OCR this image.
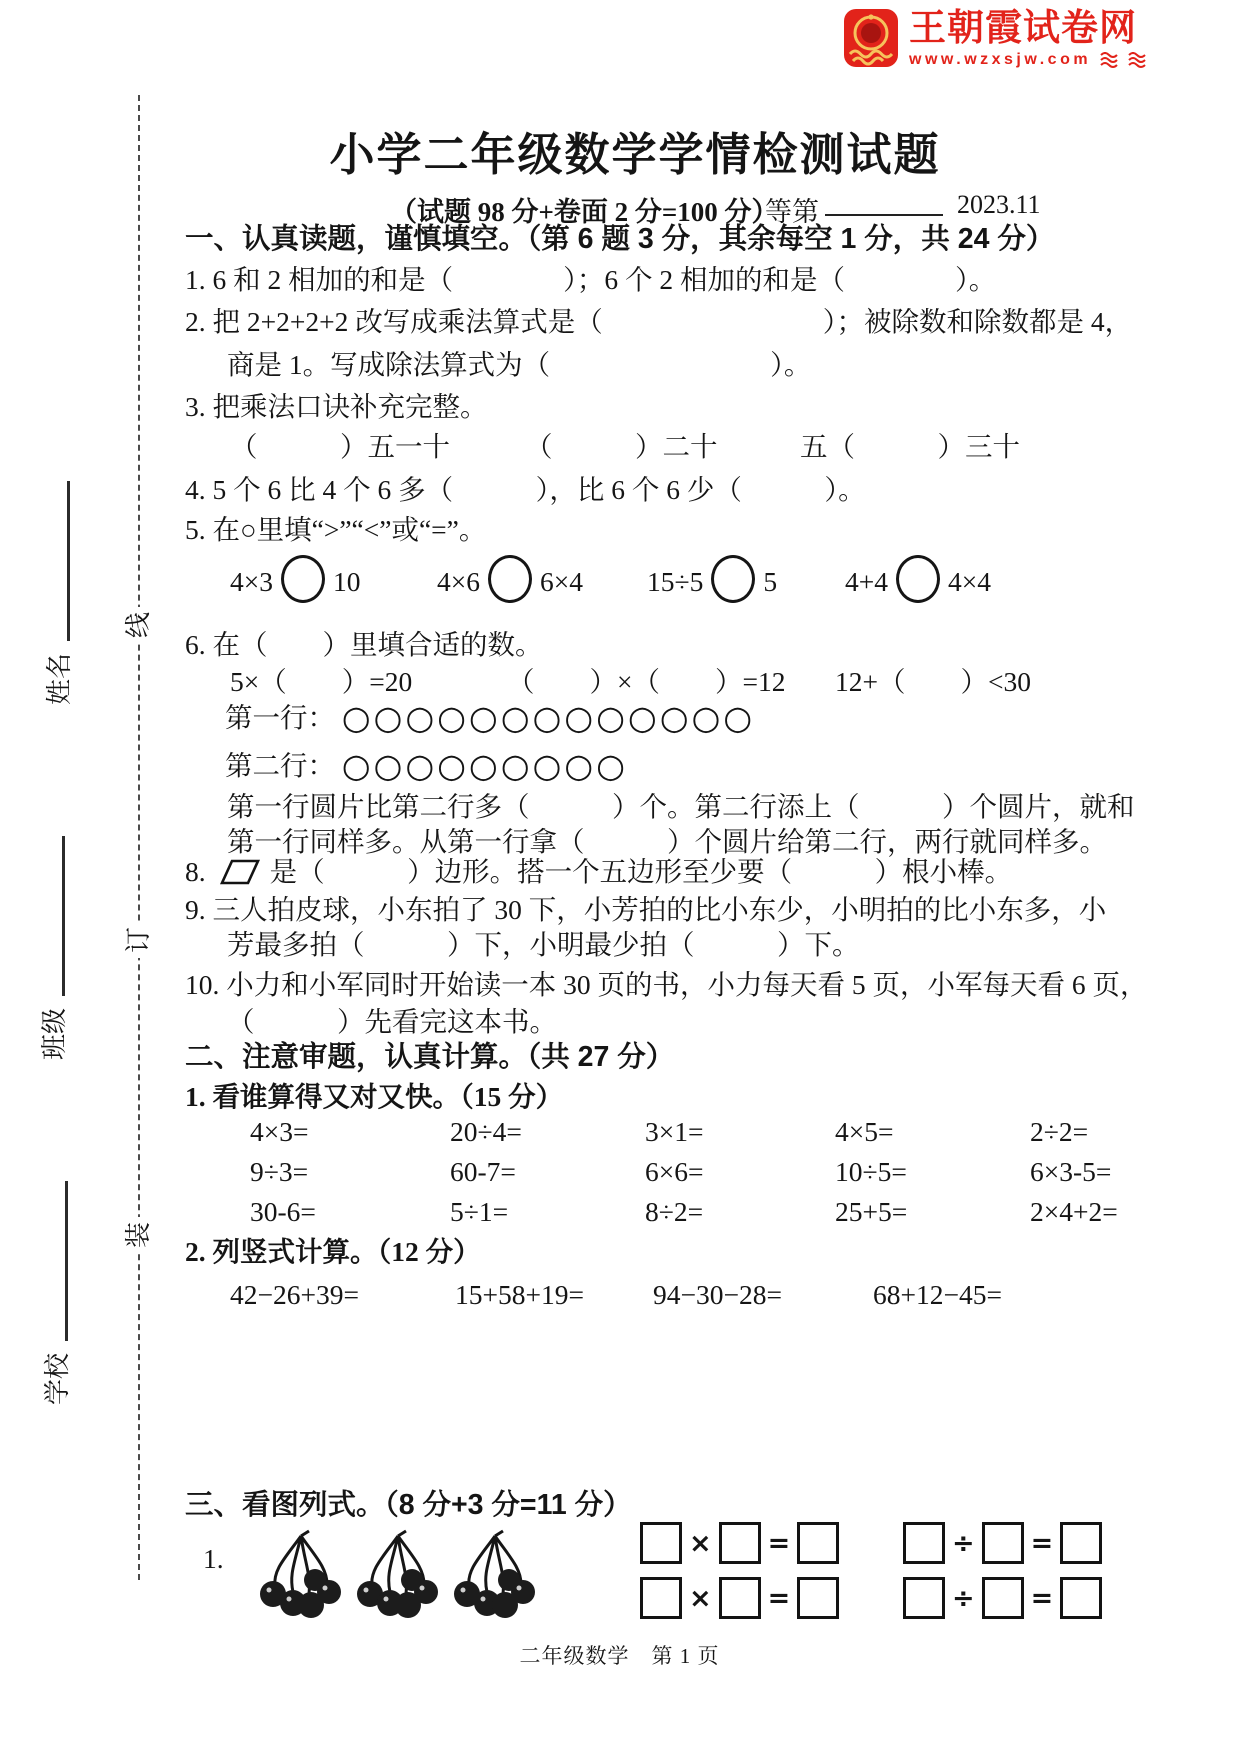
线
订
装
姓名
班级
学校
王朝霞试卷网
www.wzxsjw.com
小学二年级数学学情检测试题
（试题 98 分+卷面 2 分=100 分）
等第	2023.11
一、认真读题，谨慎填空。（第 6 题 3 分，其余每空 1 分，共 24 分）
1. 6 和 2 相加的和是（　　　　）；6 个 2 相加的和是（　　　　）。
2. 把 2+2+2+2 改写成乘法算式是（　　　　　　　　）；被除数和除数都是 4，
商是 1。写成除法算式为（　　　　　　　　）。
3. 把乘法口诀补充完整。
（　　　）五一十	（　　　）二十	五（　　　）三十
4. 5 个 6 比 4 个 6 多（　　　），比 6 个 6 少（　　　）。
5. 在○里填“>”“<”或“=”。
4×3 10	4×6 6×4 15÷5 5 4+4 4×4
6. 在（　　）里填合适的数。
5×（　　）=20	（　　）×（　　）=12 12+（　　）<30
第一行： ○○○○○○○○○○○○○
第二行： ○○○○○○○○○
第一行圆片比第二行多（　　　）个。第二行添上（　　　）个圆片，就和
第一行同样多。从第一行拿（　　　）个圆片给第二行，两行就同样多。
8. 是（　　　）边形。搭一个五边形至少要（　　　）根小棒。
9. 三人拍皮球，小东拍了 30 下，小芳拍的比小东少，小明拍的比小东多，小
芳最多拍（　　　）下，小明最少拍（　　　）下。
10. 小力和小军同时开始读一本 30 页的书，小力每天看 5 页，小军每天看 6 页，
（　　　）先看完这本书。
二、注意审题，认真计算。（共 27 分）
1. 看谁算得又对又快。（15 分）
4×3=	20÷4=	3×1=	4×5=	2÷2=
9÷3=	60-7=	6×6=	10÷5=	6×3-5=
30-6=	5÷1=	8÷2=	25+5=	2×4+2=
2. 列竖式计算。（12 分）
42−26+39=	15+58+19=	94−30−28=	68+12−45=
三、看图列式。（8 分+3 分=11 分）
1.	× =
× =
÷ =
÷ =
二年级数学　第 1 页
